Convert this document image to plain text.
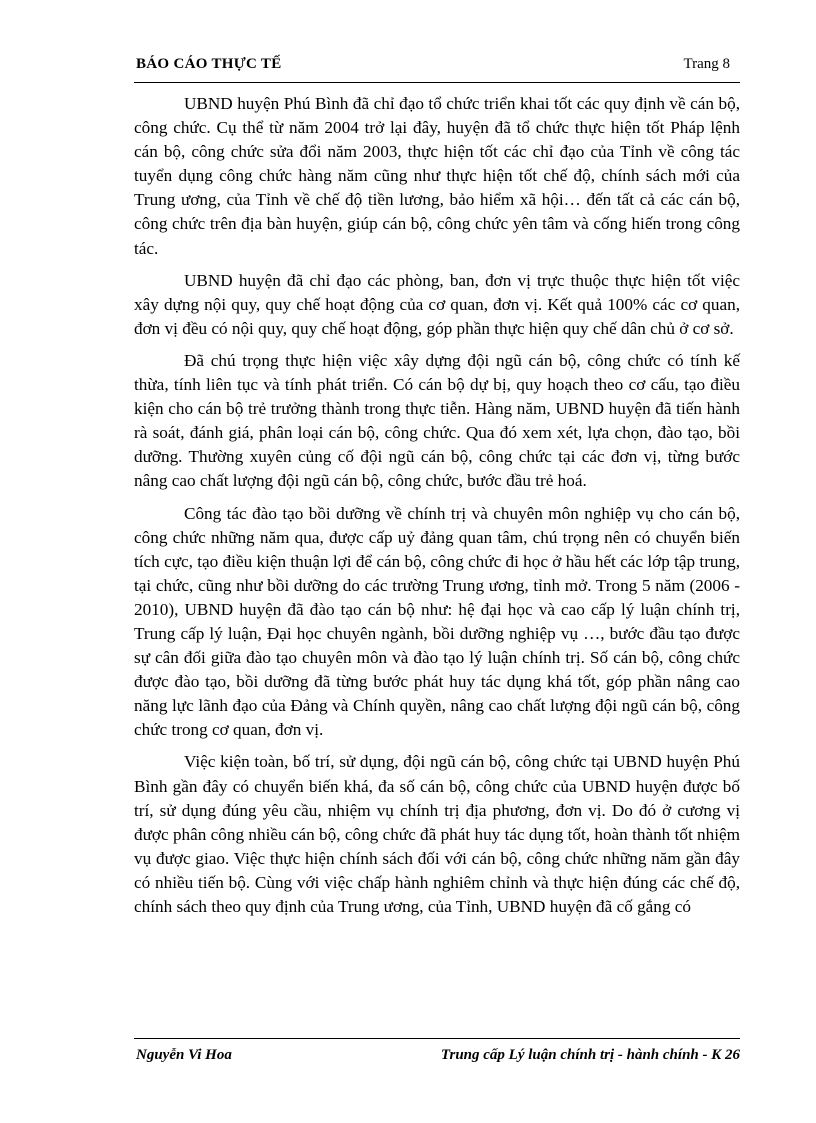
BÁO CÁO THỰC TẾ	Trang 8

UBND huyện Phú Bình đã chỉ đạo tổ chức triển khai tốt các quy định về cán bộ, công chức. Cụ thể từ năm 2004 trở lại đây, huyện đã tổ chức thực hiện tốt Pháp lệnh cán bộ, công chức sửa đổi năm 2003, thực hiện tốt các chỉ đạo của Tỉnh về công tác tuyển dụng công chức hàng năm cũng như thực hiện tốt chế độ, chính sách mới của Trung ương, của Tỉnh về chế độ tiền lương, bảo hiểm xã hội… đến tất cả các cán bộ, công chức trên địa bàn huyện, giúp cán bộ, công chức yên tâm và cống hiến trong công tác.

UBND huyện đã chỉ đạo các phòng, ban, đơn vị trực thuộc thực hiện tốt việc xây dựng nội quy, quy chế hoạt động của cơ quan, đơn vị. Kết quả 100% các cơ quan, đơn vị đều có nội quy, quy chế hoạt động, góp phần thực hiện quy chế dân chủ ở cơ sở.

Đã chú trọng thực hiện việc xây dựng đội ngũ cán bộ, công chức có tính kế thừa, tính liên tục và tính phát triển. Có cán bộ dự bị, quy hoạch theo cơ cấu, tạo điều kiện cho cán bộ trẻ trưởng thành trong thực tiễn. Hàng năm, UBND huyện đã tiến hành rà soát, đánh giá, phân loại cán bộ, công chức. Qua đó xem xét, lựa chọn, đào tạo, bồi dưỡng. Thường xuyên củng cố đội ngũ cán bộ, công chức tại các đơn vị, từng bước nâng cao chất lượng đội ngũ cán bộ, công chức, bước đầu trẻ hoá.

Công tác đào tạo bồi dưỡng về chính trị và chuyên môn nghiệp vụ cho cán bộ, công chức những năm qua, được cấp uỷ đảng quan tâm, chú trọng nên có chuyển biến tích cực, tạo điều kiện thuận lợi để cán bộ, công chức đi học ở hầu hết các lớp tập trung, tại chức, cũng như bồi dưỡng do các trường Trung ương, tỉnh mở. Trong 5 năm (2006 - 2010), UBND huyện đã đào tạo cán bộ như: hệ đại học và cao cấp lý luận chính trị, Trung cấp lý luận, Đại học chuyên ngành, bồi dưỡng nghiệp vụ …, bước đầu tạo được sự cân đối giữa đào tạo chuyên môn và đào tạo lý luận chính trị. Số cán bộ, công chức được đào tạo, bồi dưỡng đã từng bước phát huy tác dụng khá tốt, góp phần nâng cao năng lực lãnh đạo của Đảng và Chính quyền, nâng cao chất lượng đội ngũ cán bộ, công chức trong cơ quan, đơn vị.

Việc kiện toàn, bố trí, sử dụng, đội ngũ cán bộ, công chức tại UBND huyện Phú Bình gần đây có chuyển biến khá, đa số cán bộ, công chức của UBND huyện được bố trí, sử dụng đúng yêu cầu, nhiệm vụ chính trị địa phương, đơn vị. Do đó ở cương vị được phân công nhiều cán bộ, công chức đã phát huy tác dụng tốt, hoàn thành tốt nhiệm vụ được giao. Việc thực hiện chính sách đối với cán bộ, công chức những năm gần đây có nhiều tiến bộ. Cùng với việc chấp hành nghiêm chỉnh và thực hiện đúng các chế độ, chính sách theo quy định của Trung ương, của Tỉnh, UBND huyện đã cố gắng có

Nguyễn Vi Hoa	Trung cấp Lý luận chính trị - hành chính - K 26
